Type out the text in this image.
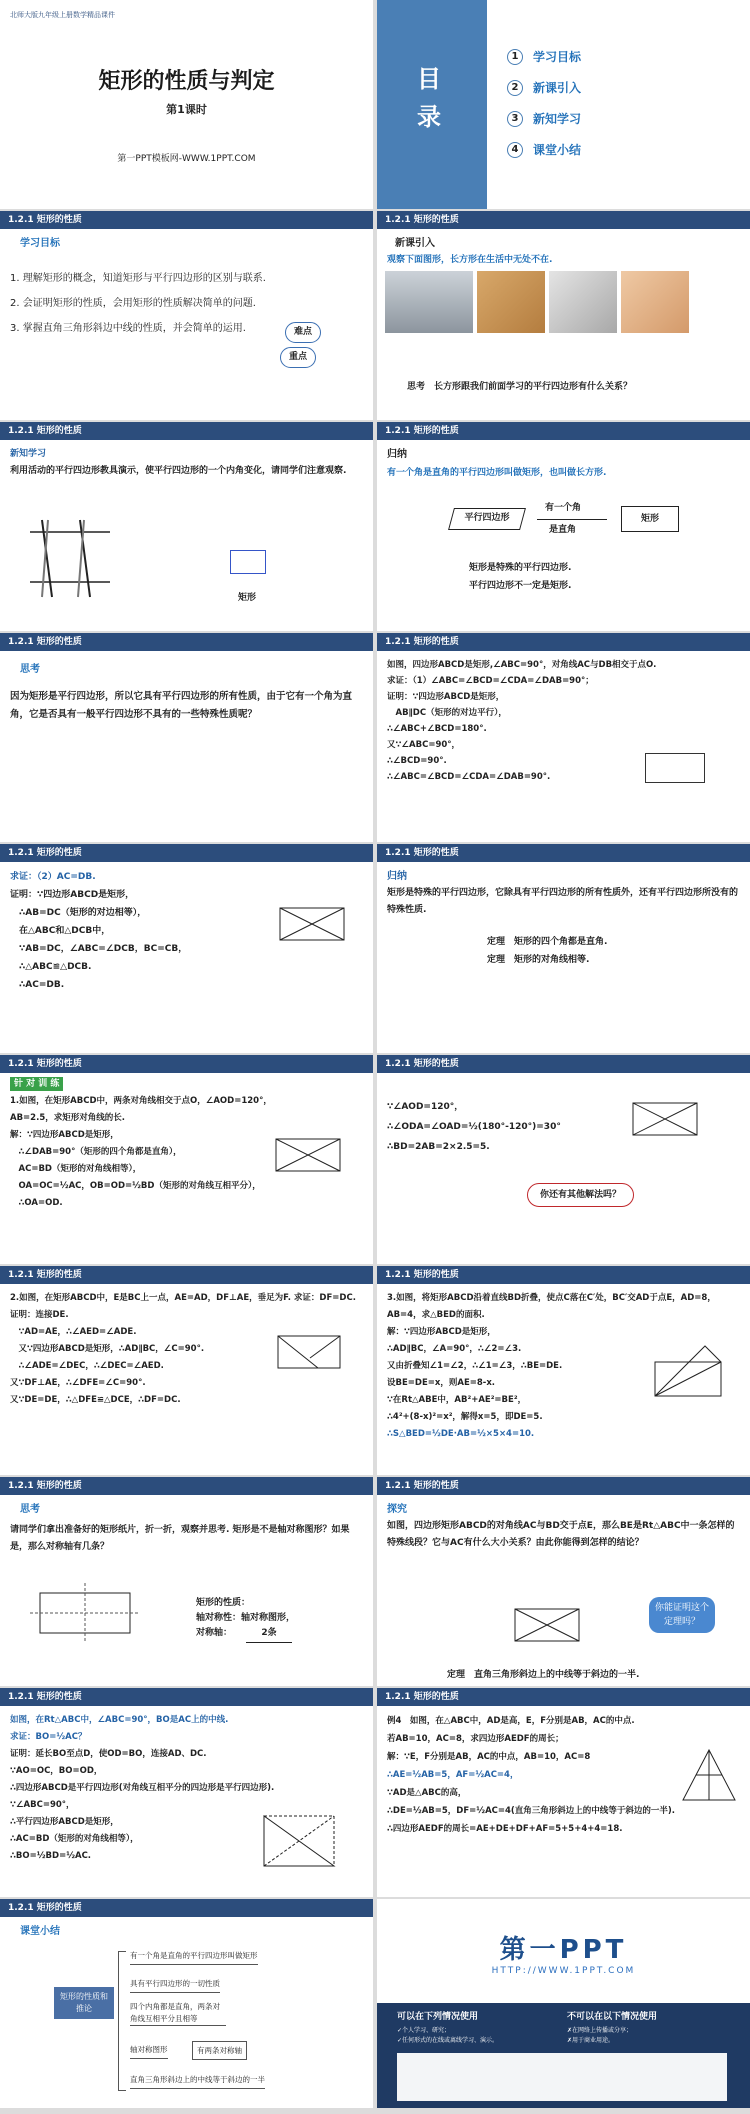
北师大版九年级上册数学精品课件
矩形的性质与判定
第1课时
第一PPT模板网-WWW.1PPT.COM
目 录
1	学习目标
2	新课引入
3	新知学习
4	课堂小结
1.2.1 矩形的性质
学习目标
1. 理解矩形的概念，知道矩形与平行四边形的区别与联系.
2. 会证明矩形的性质，会用矩形的性质解决简单的问题.
3. 掌握直角三角形斜边中线的性质，并会简单的运用.	难点
重点
1.2.1 矩形的性质
新课引入
观察下面图形，长方形在生活中无处不在.
思考　长方形跟我们前面学习的平行四边形有什么关系？
1.2.1 矩形的性质
新知学习
利用活动的平行四边形教具演示，使平行四边形的一个内角变化，请同学们注意观察.
矩形
1.2.1 矩形的性质
归纳
有一个角是直角的平行四边形叫做矩形，也叫做长方形.
平行四边形
有一个角
是直角
矩形
矩形是特殊的平行四边形.
平行四边形不一定是矩形.
1.2.1 矩形的性质
思考
因为矩形是平行四边形，所以它具有平行四边形的所有性质，由于它有一个角为直角，它是否具有一般平行四边形不具有的一些特殊性质呢？
1.2.1 矩形的性质
如图，四边形ABCD是矩形,∠ABC=90°，对角线AC与DB相交于点O.
求证：（1）∠ABC=∠BCD=∠CDA=∠DAB=90°；
证明：∵四边形ABCD是矩形，
　AB∥DC（矩形的对边平行），
∴∠ABC+∠BCD=180°.
又∵∠ABC=90°，
∴∠BCD=90°.
∴∠ABC=∠BCD=∠CDA=∠DAB=90°.
1.2.1 矩形的性质
求证：（2）AC=DB.
证明：∵四边形ABCD是矩形，
　∴AB=DC（矩形的对边相等），
　在△ABC和△DCB中，
　∵AB=DC，∠ABC=∠DCB，BC=CB，
　∴△ABC≌△DCB.
　∴AC=DB.
1.2.1 矩形的性质
归纳
矩形是特殊的平行四边形，它除具有平行四边形的所有性质外，还有平行四边形所没有的特殊性质.
定理　矩形的四个角都是直角.
定理　矩形的对角线相等.
1.2.1 矩形的性质
针 对 训 练
1.如图，在矩形ABCD中，两条对角线相交于点O，∠AOD=120°，
AB=2.5，求矩形对角线的长.
解：∵四边形ABCD是矩形，
　∴∠DAB=90°（矩形的四个角都是直角），
　AC=BD（矩形的对角线相等），
　OA=OC=½AC，OB=OD=½BD（矩形的对角线互相平分），
　∴OA=OD.
1.2.1 矩形的性质
∵∠AOD=120°，
∴∠ODA=∠OAD=½(180°-120°)=30°
∴BD=2AB=2×2.5=5.
你还有其他解法吗？
1.2.1 矩形的性质
2.如图，在矩形ABCD中，E是BC上一点，AE=AD，DF⊥AE，垂足为F. 求证：DF=DC.
证明：连接DE.
　∵AD=AE，∴∠AED=∠ADE.
　又∵四边形ABCD是矩形，∴AD∥BC，∠C=90°.
　∴∠ADE=∠DEC，∴∠DEC=∠AED.
又∵DF⊥AE，∴∠DFE=∠C=90°.
又∵DE=DE，∴△DFE≌△DCE，∴DF=DC.
1.2.1 矩形的性质
3.如图，将矩形ABCD沿着直线BD折叠，使点C落在C′处，BC′交AD于点E，AD=8，AB=4，求△BED的面积.
解：∵四边形ABCD是矩形，
∴AD∥BC，∠A=90°，∴∠2=∠3.
又由折叠知∠1=∠2，∴∠1=∠3，∴BE=DE.
设BE=DE=x，则AE=8-x.
∵在Rt△ABE中，AB²+AE²=BE²，
∴4²+(8-x)²=x²，解得x=5，即DE=5.
∴S△BED=½DE·AB=½×5×4=10.
1.2.1 矩形的性质
思考
请同学们拿出准备好的矩形纸片，折一折，观察并思考. 矩形是不是轴对称图形？如果是，那么对称轴有几条？
矩形的性质：
轴对称性：轴对称图形，
对称轴：	2条
1.2.1 矩形的性质
探究
如图，四边形矩形ABCD的对角线AC与BD交于点E，那么BE是Rt△ABC中一条怎样的特殊线段？它与AC有什么大小关系？由此你能得到怎样的结论？
你能证明这个定理吗？
定理　直角三角形斜边上的中线等于斜边的一半.
1.2.1 矩形的性质
如图，在Rt△ABC中，∠ABC=90°，BO是AC上的中线.
求证：BO=½AC？
证明：延长BO至点D，使OD=BO，连接AD、DC.
∵AO=OC，BO=OD，
∴四边形ABCD是平行四边形(对角线互相平分的四边形是平行四边形).
∵∠ABC=90°，
∴平行四边形ABCD是矩形，
∴AC=BD（矩形的对角线相等），
∴BO=½BD=½AC.
1.2.1 矩形的性质
例4　如图，在△ABC中，AD是高，E，F分别是AB，AC的中点.
若AB=10，AC=8，求四边形AEDF的周长；
解：∵E，F分别是AB，AC的中点，AB=10，AC=8
∴AE=½AB=5，AF=½AC=4，
∵AD是△ABC的高，
∴DE=½AB=5，DF=½AC=4(直角三角形斜边上的中线等于斜边的一半).
∴四边形AEDF的周长=AE+DE+DF+AF=5+5+4+4=18.
1.2.1 矩形的性质
课堂小结
矩形的性质和推论
有一个角是直角的平行四边形叫做矩形
具有平行四边形的一切性质
四个内角都是直角，两条对角线互相平分且相等
轴对称图形	有两条对称轴
直角三角形斜边上的中线等于斜边的一半
第一PPT
HTTP://WWW.1PPT.COM
可以在下列情况使用
✓个人学习、研究；
✓任何形式的在线或离线学习、演示。
不可以在以下情况使用
✗在网络上传播或分享；
✗用于商业用途。
